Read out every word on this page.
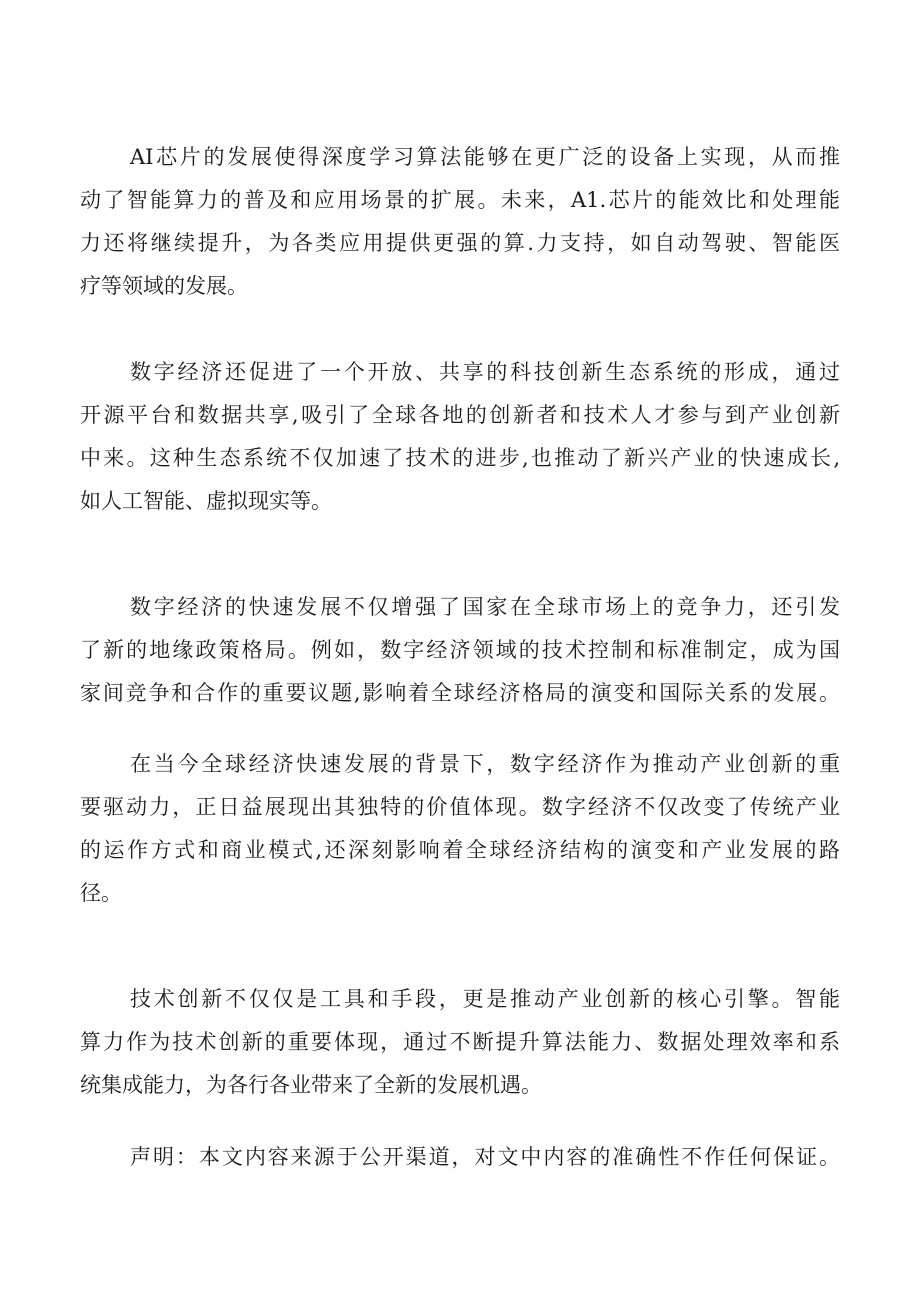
AI芯片的发展使得深度学习算法能够在更广泛的设备上实现，从而推
动了智能算力的普及和应用场景的扩展。未来，A1.芯片的能效比和处理能
力还将继续提升，为各类应用提供更强的算.力支持，如自动驾驶、智能医
疗等领域的发展。
数字经济还促进了一个开放、共享的科技创新生态系统的形成，通过
开源平台和数据共享,吸引了全球各地的创新者和技术人才参与到产业创新
中来。这种生态系统不仅加速了技术的进步,也推动了新兴产业的快速成长,
如人工智能、虚拟现实等。
数字经济的快速发展不仅增强了国家在全球市场上的竞争力，还引发
了新的地缘政策格局。例如，数字经济领域的技术控制和标准制定，成为国
家间竞争和合作的重要议题,影响着全球经济格局的演变和国际关系的发展。
在当今全球经济快速发展的背景下，数字经济作为推动产业创新的重
要驱动力，正日益展现出其独特的价值体现。数字经济不仅改变了传统产业
的运作方式和商业模式,还深刻影响着全球经济结构的演变和产业发展的路
径。
技术创新不仅仅是工具和手段，更是推动产业创新的核心引擎。智能
算力作为技术创新的重要体现，通过不断提升算法能力、数据处理效率和系
统集成能力，为各行各业带来了全新的发展机遇。
声明：本文内容来源于公开渠道，对文中内容的准确性不作任何保证。
